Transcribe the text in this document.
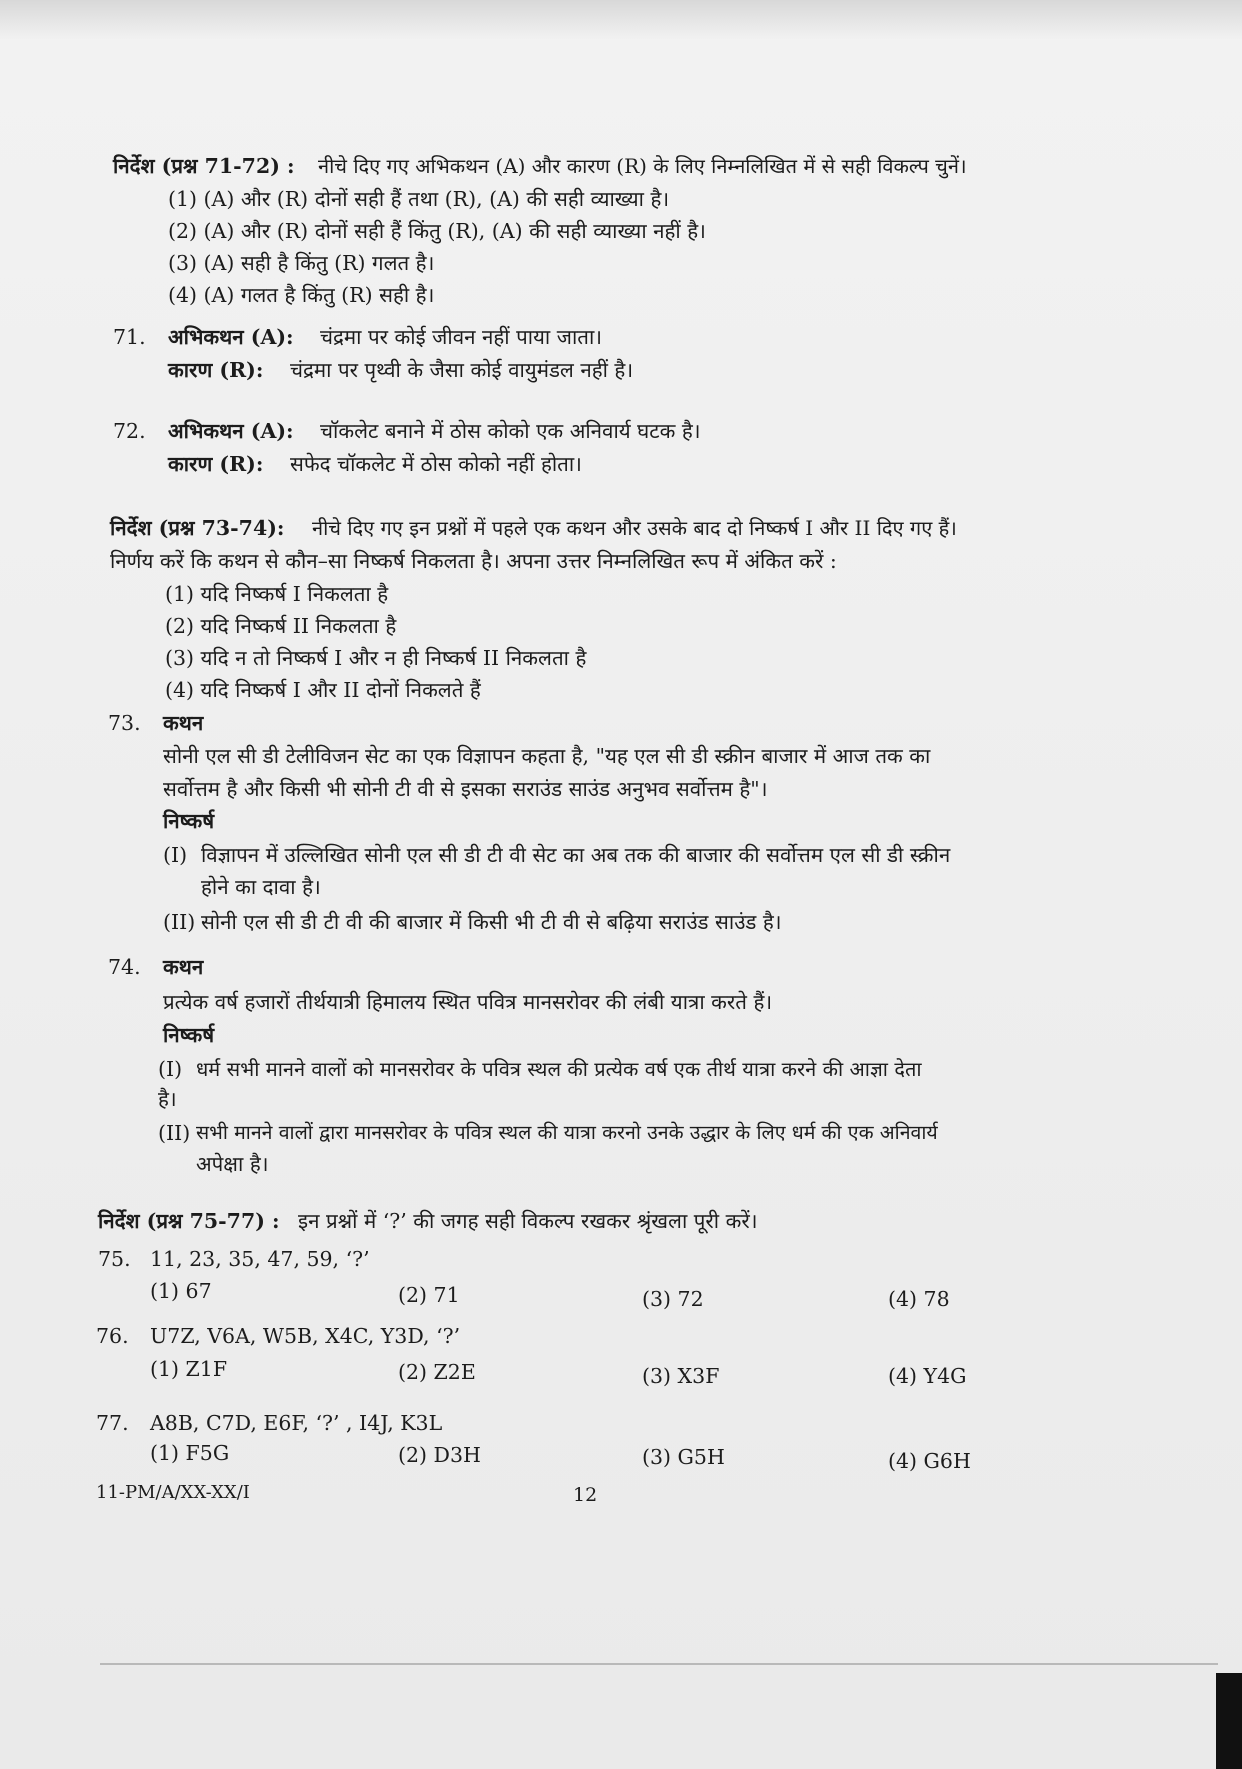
निर्देश (प्रश्न 71-72) : नीचे दिए गए अभिकथन (A) और कारण (R) के लिए निम्नलिखित में से सही विकल्प चुनें।
(1) (A) और (R) दोनों सही हैं तथा (R), (A) की सही व्याख्या है।
(2) (A) और (R) दोनों सही हैं किंतु (R), (A) की सही व्याख्या नहीं है।
(3) (A) सही है किंतु (R) गलत है।
(4) (A) गलत है किंतु (R) सही है।
71. अभिकथन (A): चंद्रमा पर कोई जीवन नहीं पाया जाता।
कारण (R): चंद्रमा पर पृथ्वी के जैसा कोई वायुमंडल नहीं है।
72. अभिकथन (A): चॉकलेट बनाने में ठोस कोको एक अनिवार्य घटक है।
कारण (R): सफेद चॉकलेट में ठोस कोको नहीं होता।
निर्देश (प्रश्न 73-74): नीचे दिए गए इन प्रश्नों में पहले एक कथन और उसके बाद दो निष्कर्ष I और II दिए गए हैं।
निर्णय करें कि कथन से कौन–सा निष्कर्ष निकलता है। अपना उत्तर निम्नलिखित रूप में अंकित करें :
(1) यदि निष्कर्ष I निकलता है
(2) यदि निष्कर्ष II निकलता है
(3) यदि न तो निष्कर्ष I और न ही निष्कर्ष II निकलता है
(4) यदि निष्कर्ष I और II दोनों निकलते हैं
73. कथन
सोनी एल सी डी टेलीविजन सेट का एक विज्ञापन कहता है, "यह एल सी डी स्क्रीन बाजार में आज तक का
सर्वोत्तम है और किसी भी सोनी टी वी से इसका सराउंड साउंड अनुभव सर्वोत्तम है"।
निष्कर्ष
(I) विज्ञापन में उल्लिखित सोनी एल सी डी टी वी सेट का अब तक की बाजार की सर्वोत्तम एल सी डी स्क्रीन
होने का दावा है।
(II) सोनी एल सी डी टी वी की बाजार में किसी भी टी वी से बढ़िया सराउंड साउंड है।
74. कथन
प्रत्येक वर्ष हजारों तीर्थयात्री हिमालय स्थित पवित्र मानसरोवर की लंबी यात्रा करते हैं।
निष्कर्ष
(I) धर्म सभी मानने वालों को मानसरोवर के पवित्र स्थल की प्रत्येक वर्ष एक तीर्थ यात्रा करने की आज्ञा देता
है।
(II) सभी मानने वालों द्वारा मानसरोवर के पवित्र स्थल की यात्रा करनो उनके उद्धार के लिए धर्म की एक अनिवार्य
अपेक्षा है।
निर्देश (प्रश्न 75-77) : इन प्रश्नों में ‘?’ की जगह सही विकल्प रखकर श्रृंखला पूरी करें।
75. 11, 23, 35, 47, 59, ‘?’
(1) 67	(2) 71	(3) 72	(4) 78
76. U7Z, V6A, W5B, X4C, Y3D, ‘?’
(1) Z1F	(2) Z2E	(3) X3F	(4) Y4G
77. A8B, C7D, E6F, ‘?’ , I4J, K3L
(1) F5G	(2) D3H	(3) G5H	(4) G6H
11-PM/A/XX-XX/I	12
